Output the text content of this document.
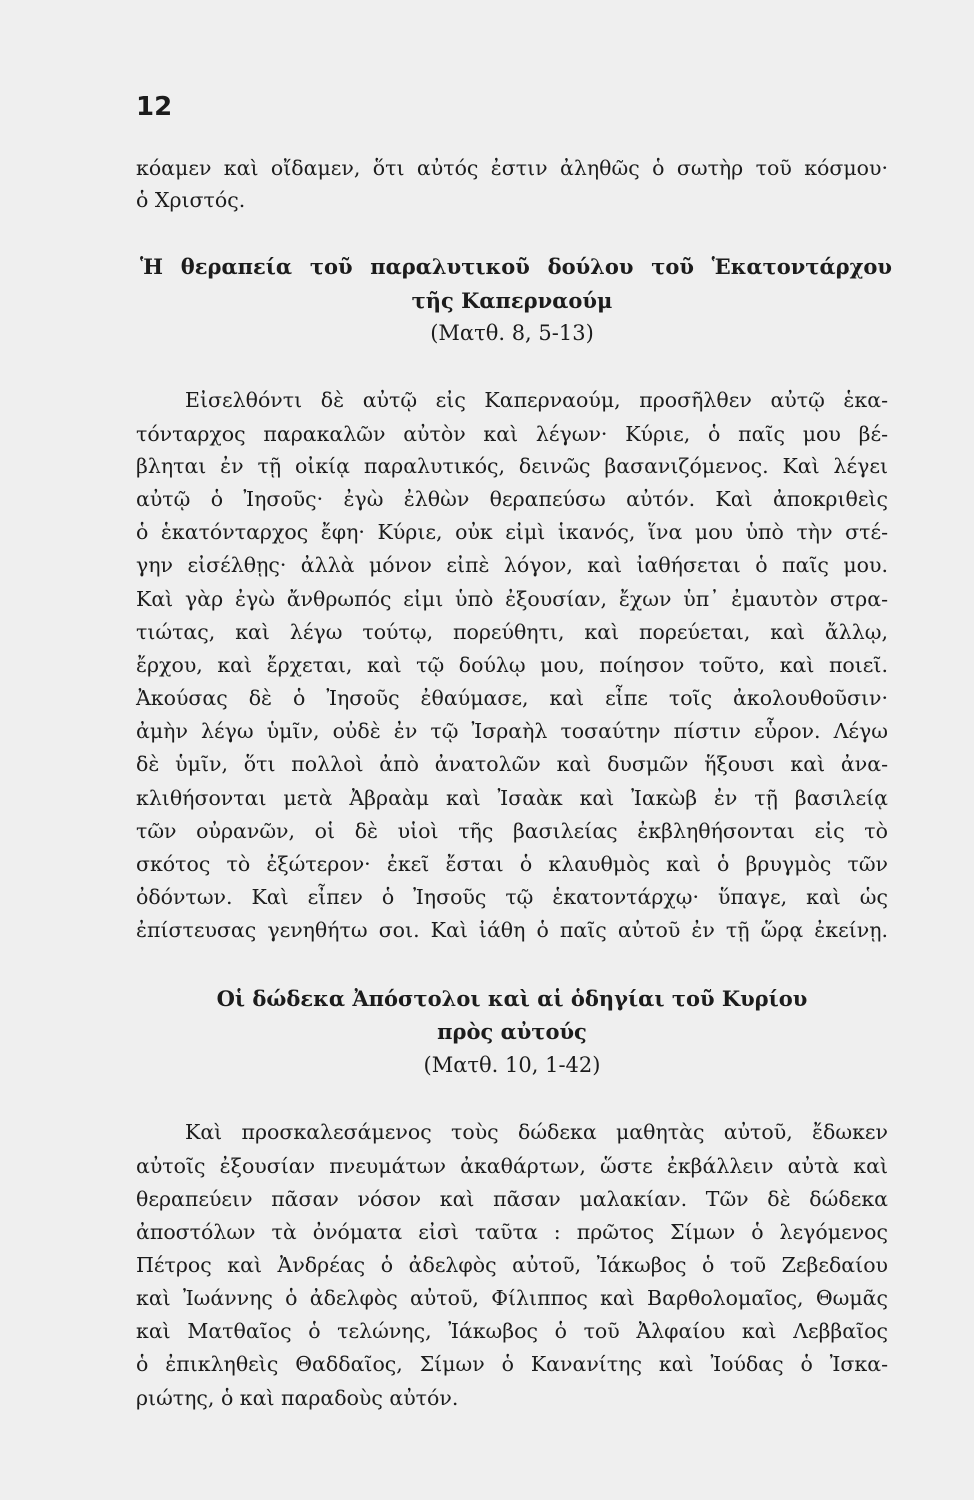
12
κόαμεν καὶ οἴδαμεν, ὅτι αὐτός ἐστιν ἀληθῶς ὁ σωτὴρ τοῦ κόσμου·
ὁ Χριστός.
Ἡ θεραπεία τοῦ παραλυτικοῦ δούλου τοῦ Ἑκατοντάρχου
τῆς Καπερναούμ
(Ματθ. 8, 5-13)
Εἰσελθόντι δὲ αὐτῷ εἰς Καπερναούμ, προσῆλθεν αὐτῷ ἑκα-
τόνταρχος παρακαλῶν αὐτὸν καὶ λέγων· Κύριε, ὁ παῖς μου βέ-
βληται ἐν τῇ οἰκίᾳ παραλυτικός, δεινῶς βασανιζόμενος. Καὶ λέγει
αὐτῷ ὁ Ἰησοῦς· ἐγὼ ἐλθὼν θεραπεύσω αὐτόν. Καὶ ἀποκριθεὶς
ὁ ἑκατόνταρχος ἔφη· Κύριε, οὐκ εἰμὶ ἱκανός, ἵνα μου ὑπὸ τὴν στέ-
γην εἰσέλθῃς· ἀλλὰ μόνον εἰπὲ λόγον, καὶ ἰαθήσεται ὁ παῖς μου.
Καὶ γὰρ ἐγὼ ἄνθρωπός εἰμι ὑπὸ ἐξουσίαν, ἔχων ὑπ᾽ ἐμαυτὸν στρα-
τιώτας, καὶ λέγω τούτῳ, πορεύθητι, καὶ πορεύεται, καὶ ἄλλῳ,
ἔρχου, καὶ ἔρχεται, καὶ τῷ δούλῳ μου, ποίησον τοῦτο, καὶ ποιεῖ.
Ἀκούσας δὲ ὁ Ἰησοῦς ἐθαύμασε, καὶ εἶπε τοῖς ἀκολουθοῦσιν·
ἀμὴν λέγω ὑμῖν, οὐδὲ ἐν τῷ Ἰσραὴλ τοσαύτην πίστιν εὗρον. Λέγω
δὲ ὑμῖν, ὅτι πολλοὶ ἀπὸ ἀνατολῶν καὶ δυσμῶν ἥξουσι καὶ ἀνα-
κλιθήσονται μετὰ Ἀβραὰμ καὶ Ἰσαὰκ καὶ Ἰακὼβ ἐν τῇ βασιλείᾳ
τῶν οὐρανῶν, οἱ δὲ υἱοὶ τῆς βασιλείας ἐκβληθήσονται εἰς τὸ
σκότος τὸ ἐξώτερον· ἐκεῖ ἔσται ὁ κλαυθμὸς καὶ ὁ βρυγμὸς τῶν
ὀδόντων. Καὶ εἶπεν ὁ Ἰησοῦς τῷ ἑκατοντάρχῳ· ὕπαγε, καὶ ὡς
ἐπίστευσας γενηθήτω σοι. Καὶ ἰάθη ὁ παῖς αὐτοῦ ἐν τῇ ὥρᾳ ἐκείνῃ.
Οἱ δώδεκα Ἀπόστολοι καὶ αἱ ὁδηγίαι τοῦ Κυρίου
πρὸς αὐτούς
(Ματθ. 10, 1-42)
Καὶ προσκαλεσάμενος τοὺς δώδεκα μαθητὰς αὐτοῦ, ἔδωκεν
αὐτοῖς ἐξουσίαν πνευμάτων ἀκαθάρτων, ὥστε ἐκβάλλειν αὐτὰ καὶ
θεραπεύειν πᾶσαν νόσον καὶ πᾶσαν μαλακίαν. Τῶν δὲ δώδεκα
ἀποστόλων τὰ ὀνόματα εἰσὶ ταῦτα : πρῶτος Σίμων ὁ λεγόμενος
Πέτρος καὶ Ἀνδρέας ὁ ἀδελφὸς αὐτοῦ, Ἰάκωβος ὁ τοῦ Ζεβεδαίου
καὶ Ἰωάννης ὁ ἀδελφὸς αὐτοῦ, Φίλιππος καὶ Βαρθολομαῖος, Θωμᾶς
καὶ Ματθαῖος ὁ τελώνης, Ἰάκωβος ὁ τοῦ Ἀλφαίου καὶ Λεββαῖος
ὁ ἐπικληθεὶς Θαδδαῖος, Σίμων ὁ Κανανίτης καὶ Ἰούδας ὁ Ἰσκα-
ριώτης, ὁ καὶ παραδοὺς αὐτόν.
